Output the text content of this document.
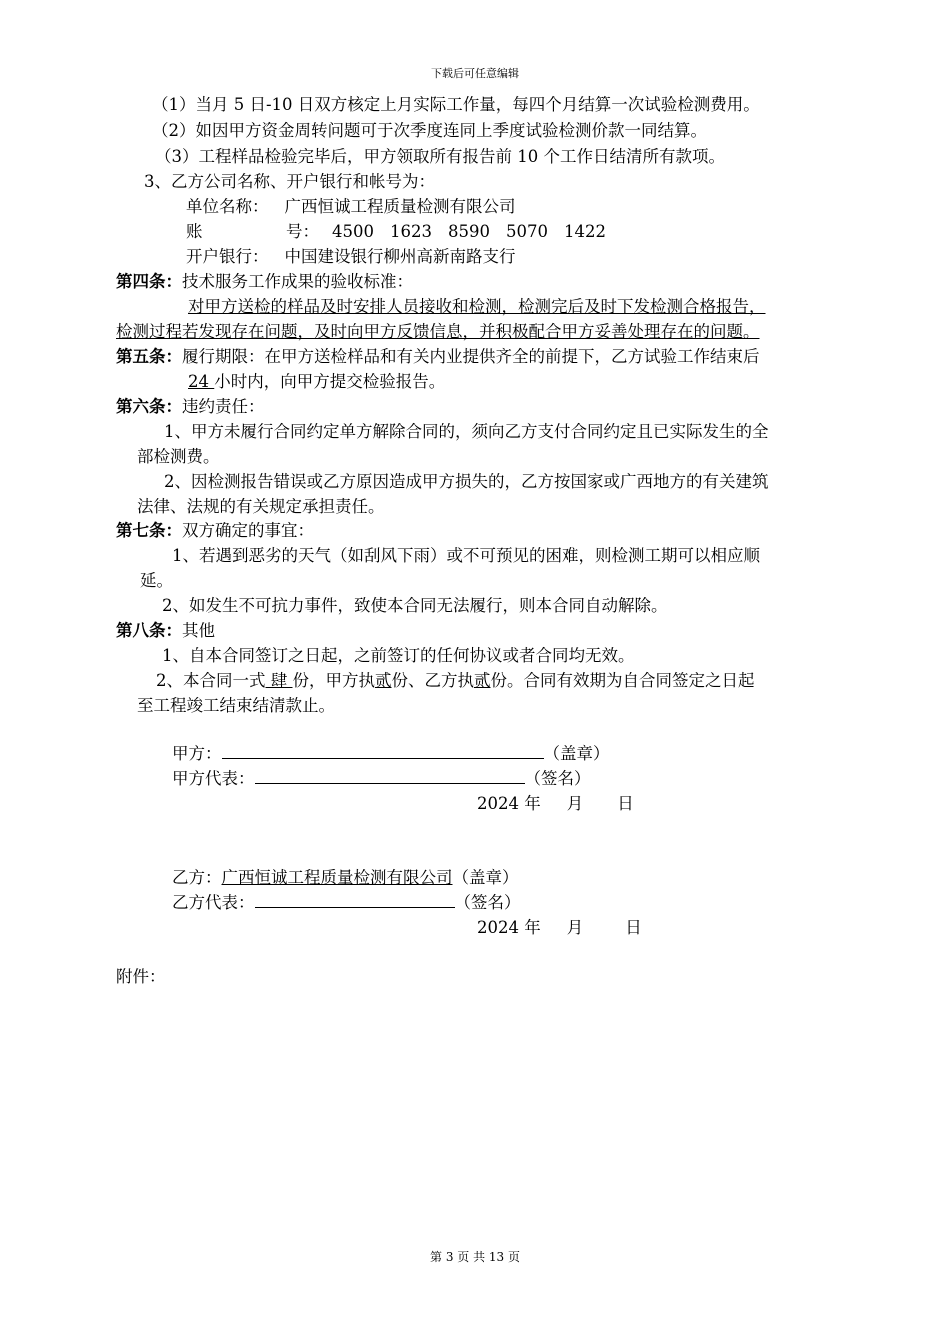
下载后可任意编辑
（1）当月 5 日-10 日双方核定上月实际工作量，每四个月结算一次试验检测费用。
（2）如因甲方资金周转问题可于次季度连同上季度试验检测价款一同结算。
（3）工程样品检验完毕后，甲方领取所有报告前 10 个工作日结清所有款项。
3、乙方公司名称、开户银行和帐号为：
单位名称： 广西恒诚工程质量检测有限公司
账	号： 4500 1623 8590 5070 1422
开户银行： 中国建设银行柳州高新南路支行
第四条：技术服务工作成果的验收标准：
对甲方送检的样品及时安排人员接收和检测，检测完后及时下发检测合格报告，
检测过程若发现存在问题，及时向甲方反馈信息，并积极配合甲方妥善处理存在的问题。
第五条：履行期限：在甲方送检样品和有关内业提供齐全的前提下，乙方试验工作结束后
24 小时内，向甲方提交检验报告。
第六条：违约责任：
1、甲方未履行合同约定单方解除合同的，须向乙方支付合同约定且已实际发生的全
部检测费。
2、因检测报告错误或乙方原因造成甲方损失的，乙方按国家或广西地方的有关建筑
法律、法规的有关规定承担责任。
第七条：双方确定的事宜：
1、若遇到恶劣的天气（如刮风下雨）或不可预见的困难，则检测工期可以相应顺
延。
2、如发生不可抗力事件，致使本合同无法履行，则本合同自动解除。
第八条：其他
1、自本合同签订之日起，之前签订的任何协议或者合同均无效。
2、本合同一式 肆 份，甲方执贰份、乙方执贰份。合同有效期为自合同签定之日起
至工程竣工结束结清款止。
甲方：	（盖章）
甲方代表：	（签名）
2024 年 月 日
乙方：广西恒诚工程质量检测有限公司（盖章）
乙方代表：	（签名）
2024 年 月	日
附件：
第 3 页 共 13 页
